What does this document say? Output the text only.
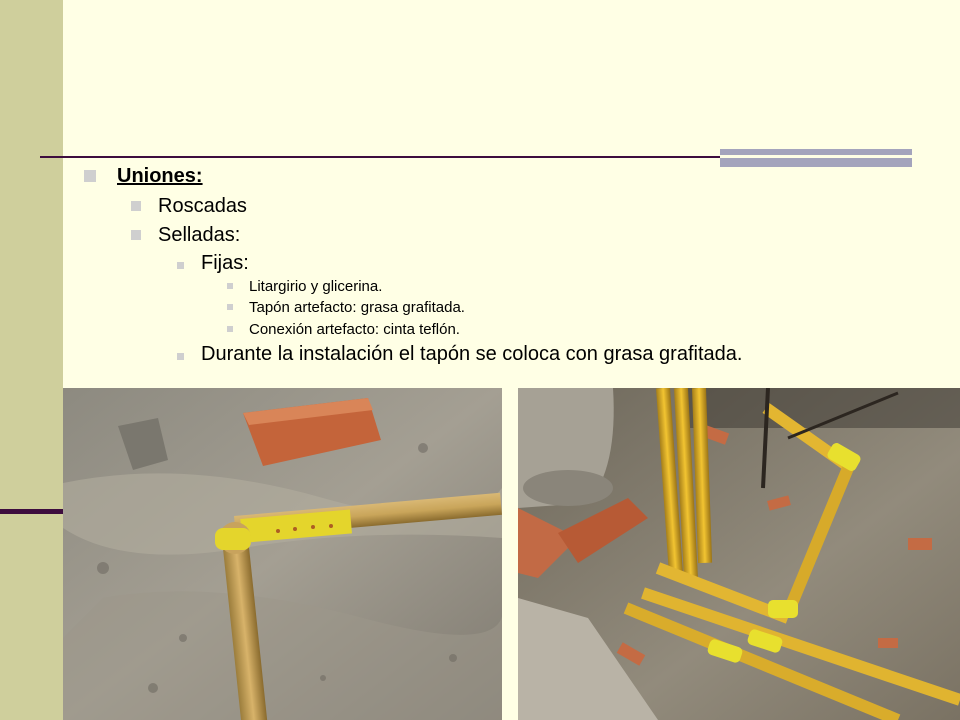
Uniones:
Roscadas
Selladas:
Fijas:
Litargirio y glicerina.
Tapón artefacto: grasa grafitada.
Conexión artefacto: cinta teflón.
Durante la instalación el tapón se coloca con grasa grafitada.
